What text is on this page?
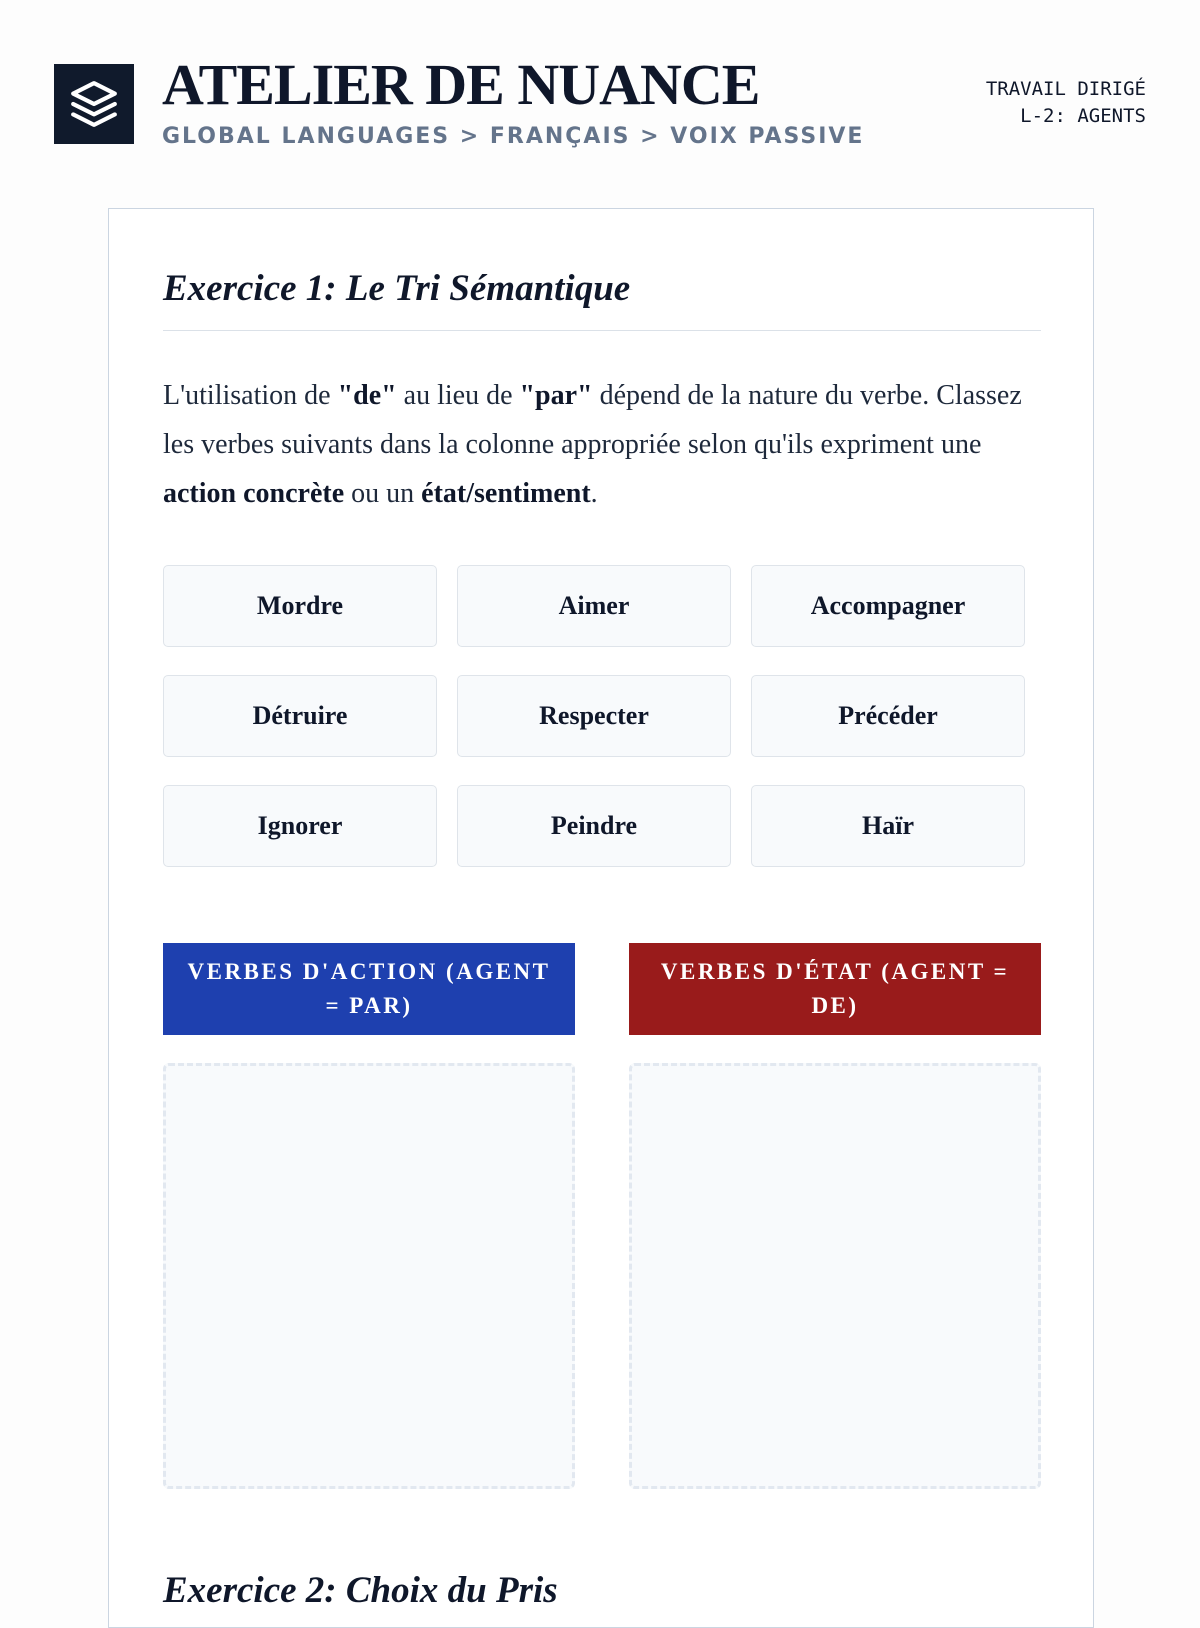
ATELIER DE NUANCE
GLOBAL LANGUAGES > FRANÇAIS > VOIX PASSIVE
TRAVAIL DIRIGÉ
L-2: AGENTS
Exercice 1: Le Tri Sémantique
L'utilisation de "de" au lieu de "par" dépend de la nature du verbe. Classez les verbes suivants dans la colonne appropriée selon qu'ils expriment une action concrète ou un état/sentiment.
Mordre	Aimer	Accompagner
Détruire	Respecter	Précéder
Ignorer	Peindre	Haïr
VERBES D'ACTION (AGENT = PAR)
VERBES D'ÉTAT (AGENT = DE)
Exercice 2: Choix du Pris
